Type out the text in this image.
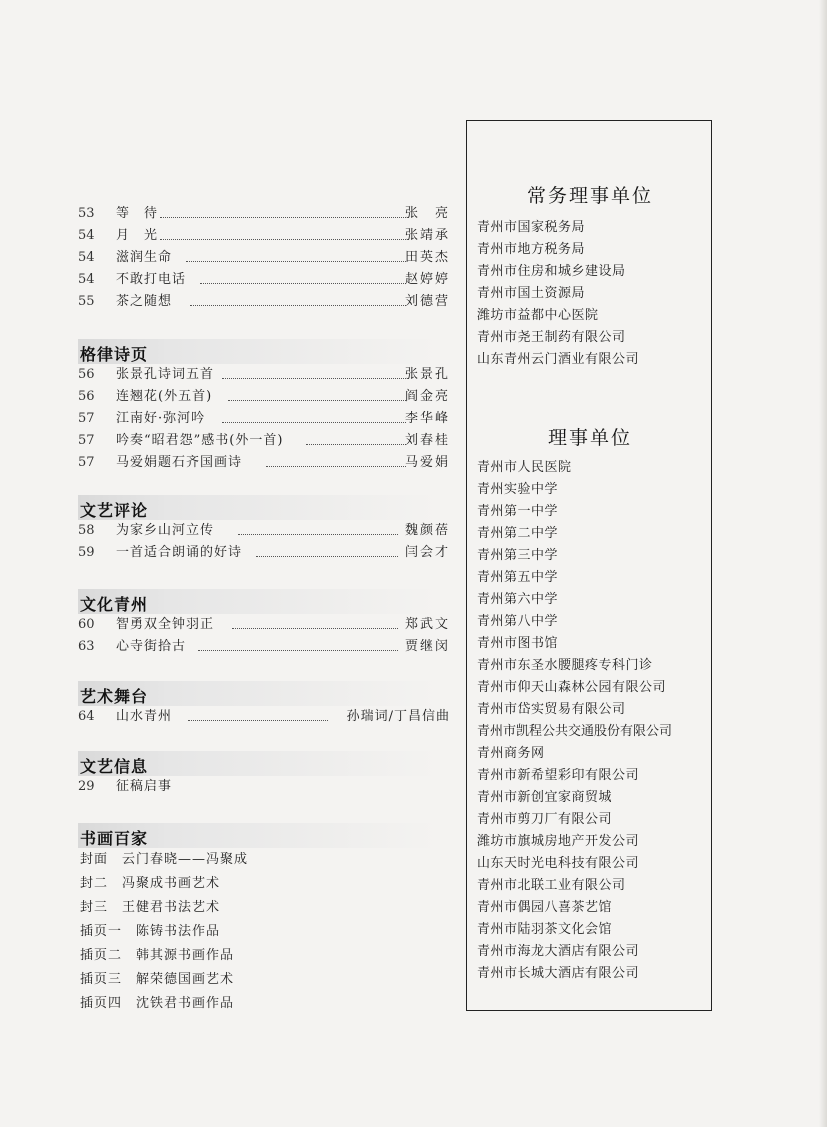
53	等　待	张　亮
54	月　光	张靖承
54	滋润生命	田英杰
54	不敢打电话	赵婷婷
55	茶之随想	刘德营
格律诗页
56	张景孔诗词五首	张景孔
56	连翘花(外五首)	阎金亮
57	江南好·弥河吟	李华峰
57	吟奏“昭君怨”感书(外一首)	刘春桂
57	马爱娟题石齐国画诗	马爱娟
文艺评论
58	为家乡山河立传	魏颜蓓
59	一首适合朗诵的好诗	闫会才
文化青州
60	智勇双全钟羽正	郑武文
63	心寺街拾古	贾继闵
艺术舞台
64	山水青州	孙瑞词/丁昌信曲
文艺信息
29	征稿启事
书画百家
封面　云门春晓——冯聚成
封二　冯聚成书画艺术
封三　王健君书法艺术
插页一　陈铸书法作品
插页二　韩其源书画作品
插页三　解荣德国画艺术
插页四　沈铁君书画作品
常务理事单位
青州市国家税务局
青州市地方税务局
青州市住房和城乡建设局
青州市国土资源局
潍坊市益都中心医院
青州市尧王制药有限公司
山东青州云门酒业有限公司
理事单位
青州市人民医院
青州实验中学
青州第一中学
青州第二中学
青州第三中学
青州第五中学
青州第六中学
青州第八中学
青州市图书馆
青州市东圣水腰腿疼专科门诊
青州市仰天山森林公园有限公司
青州市岱实贸易有限公司
青州市凯程公共交通股份有限公司
青州商务网
青州市新希望彩印有限公司
青州市新创宜家商贸城
青州市剪刀厂有限公司
潍坊市旗城房地产开发公司
山东天时光电科技有限公司
青州市北联工业有限公司
青州市偶园八喜茶艺馆
青州市陆羽茶文化会馆
青州市海龙大酒店有限公司
青州市长城大酒店有限公司
